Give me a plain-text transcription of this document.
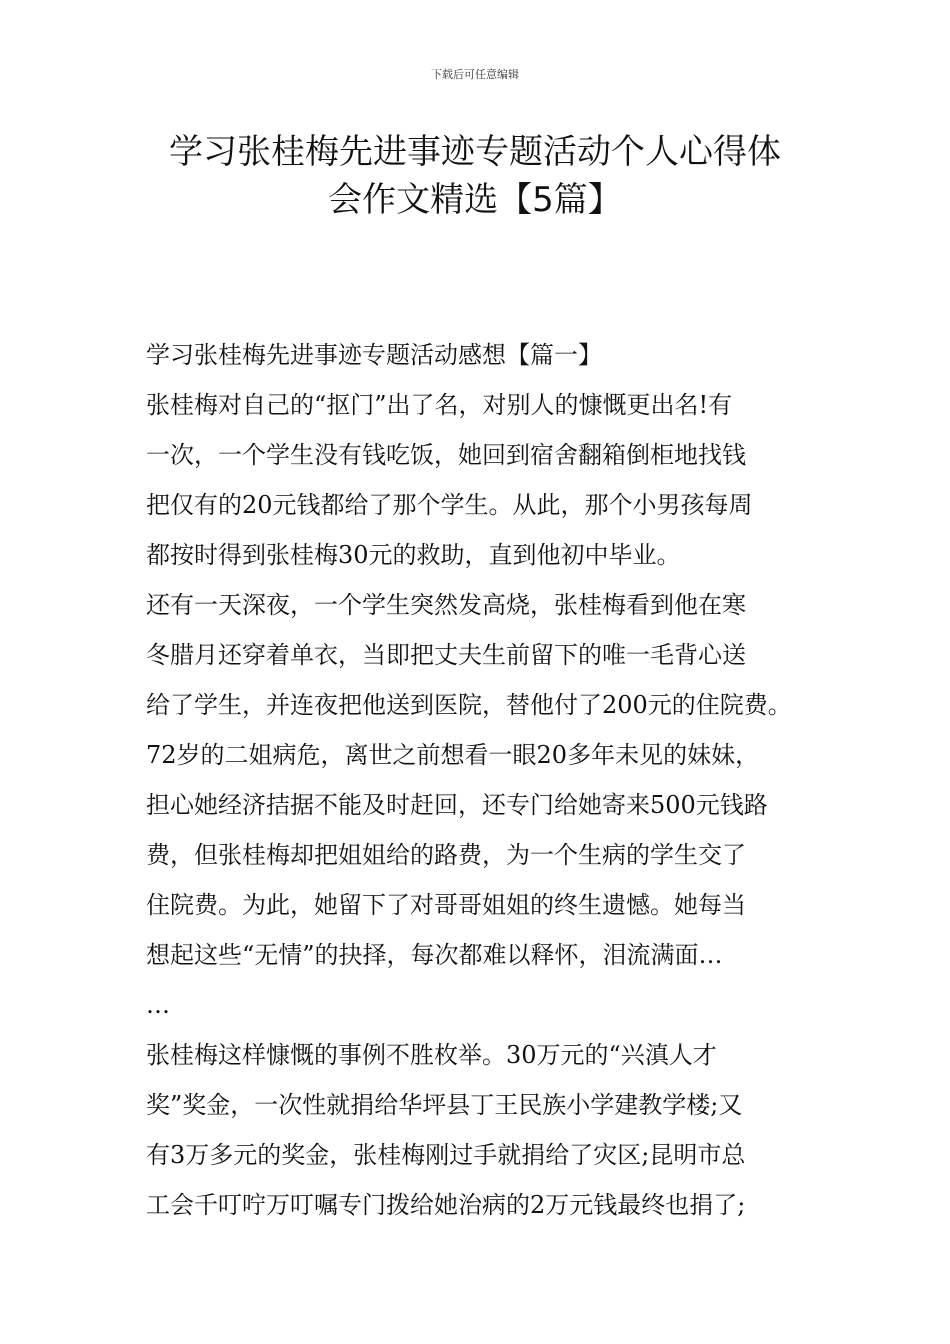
下载后可任意编辑
学习张桂梅先进事迹专题活动个人心得体
会作文精选【5篇】
学习张桂梅先进事迹专题活动感想【篇一】
张桂梅对自己的“抠门”出了名，对别人的慷慨更出名!有
一次，一个学生没有钱吃饭，她回到宿舍翻箱倒柜地找钱
把仅有的20元钱都给了那个学生。从此，那个小男孩每周
都按时得到张桂梅30元的救助，直到他初中毕业。
还有一天深夜，一个学生突然发高烧，张桂梅看到他在寒
冬腊月还穿着单衣，当即把丈夫生前留下的唯一毛背心送
给了学生，并连夜把他送到医院，替他付了200元的住院费。
72岁的二姐病危，离世之前想看一眼20多年未见的妹妹，
担心她经济拮据不能及时赶回，还专门给她寄来500元钱路
费，但张桂梅却把姐姐给的路费，为一个生病的学生交了
住院费。为此，她留下了对哥哥姐姐的终生遗憾。她每当
想起这些“无情”的抉择，每次都难以释怀，泪流满面…
…
张桂梅这样慷慨的事例不胜枚举。30万元的“兴滇人才
奖”奖金，一次性就捐给华坪县丁王民族小学建教学楼;又
有3万多元的奖金，张桂梅刚过手就捐给了灾区;昆明市总
工会千叮咛万叮嘱专门拨给她治病的2万元钱最终也捐了;
